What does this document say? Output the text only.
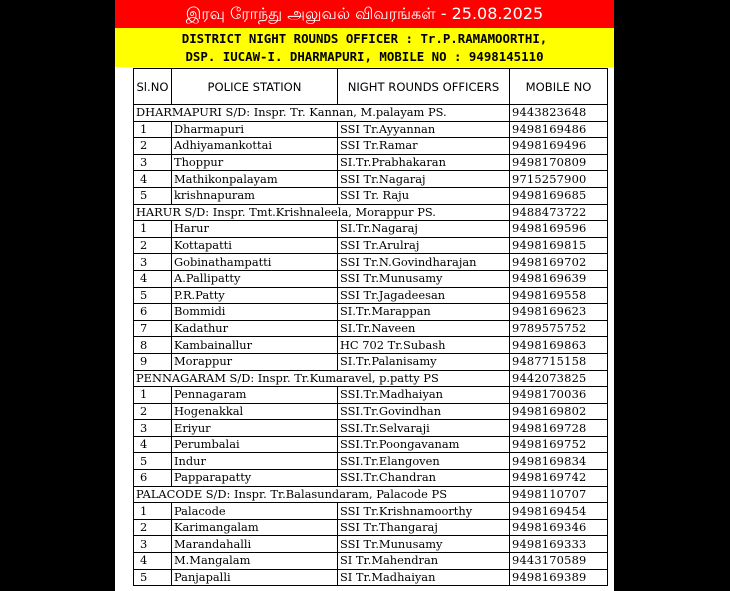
இரவு ரோந்து அலுவல் விவரங்கள் - 25.08.2025
DISTRICT NIGHT ROUNDS OFFICER : Tr.P.RAMAMOORTHI,
DSP. IUCAW-I. DHARMAPURI, MOBILE NO : 9498145110
Sl.NO	POLICE STATION	NIGHT ROUNDS OFFICERS	MOBILE NO
DHARMAPURI S/D: Inspr. Tr. Kannan, M.palayam PS.			9443823648
1	Dharmapuri	SSI Tr.Ayyannan	9498169486
2	Adhiyamankottai	SSI Tr.Ramar	9498169496
3	Thoppur	SI.Tr.Prabhakaran	9498170809
4	Mathikonpalayam	SSI Tr.Nagaraj	9715257900
5	krishnapuram	SSI Tr. Raju	9498169685
HARUR S/D: Inspr. Tmt.Krishnaleela, Morappur PS.			9488473722
1	Harur	SI.Tr.Nagaraj	9498169596
2	Kottapatti	SSI Tr.Arulraj	9498169815
3	Gobinathampatti	SSI Tr.N.Govindharajan	9498169702
4	A.Pallipatty	SSI Tr.Munusamy	9498169639
5	P.R.Patty	SSI Tr.Jagadeesan	9498169558
6	Bommidi	SI.Tr.Marappan	9498169623
7	Kadathur	SI.Tr.Naveen	9789575752
8	Kambainallur	HC 702 Tr.Subash	9498169863
9	Morappur	SI.Tr.Palanisamy	9487715158
PENNAGARAM S/D: Inspr. Tr.Kumaravel, p.patty PS			9442073825
1	Pennagaram	SSI.Tr.Madhaiyan	9498170036
2	Hogenakkal	SSI.Tr.Govindhan	9498169802
3	Eriyur	SSI.Tr.Selvaraji	9498169728
4	Perumbalai	SSI.Tr.Poongavanam	9498169752
5	Indur	SSI.Tr.Elangoven	9498169834
6	Papparapatty	SSI.Tr.Chandran	9498169742
PALACODE S/D: Inspr. Tr.Balasundaram, Palacode PS			9498110707
1	Palacode	SSI Tr.Krishnamoorthy	9498169454
2	Karimangalam	SSI Tr.Thangaraj	9498169346
3	Marandahalli	SSI Tr.Munusamy	9498169333
4	M.Mangalam	SI Tr.Mahendran	9443170589
5	Panjapalli	SI Tr.Madhaiyan	9498169389
